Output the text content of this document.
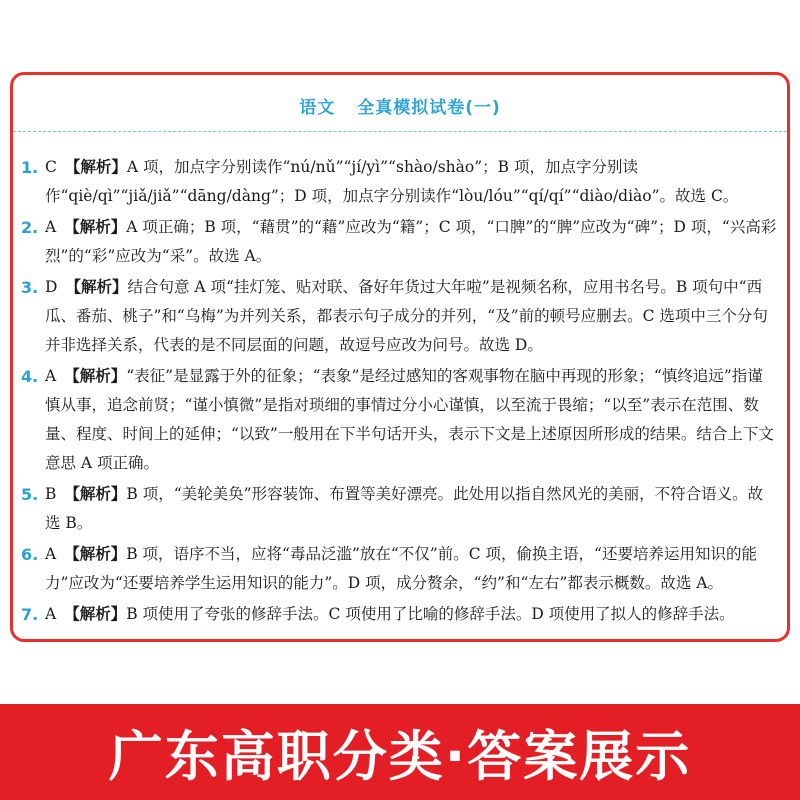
语文 全真模拟试卷(一)
1. C 【解析】A 项，加点字分别读作“nú/nǔ”“jí/yì”“shào/shào”；B 项，加点字分别读作“qiè/qì”“jiǎ/jiǎ”“dāng/dàng”；D 项，加点字分别读作“lòu/lóu”“qí/qí”“diào/diào”。故选 C。
2. A 【解析】A 项正确；B 项，“藉贯”的“藉”应改为“籍”；C 项，“口脾”的“脾”应改为“碑”；D 项，“兴高彩烈”的“彩”应改为“采”。故选 A。
3. D 【解析】结合句意 A 项“挂灯笼、贴对联、备好年货过大年啦”是视频名称，应用书名号。B 项句中“西瓜、番茄、桃子”和“乌梅”为并列关系，都表示句子成分的并列，“及”前的顿号应删去。C 选项中三个分句并非选择关系，代表的是不同层面的问题，故逗号应改为问号。故选 D。
4. A 【解析】“表征”是显露于外的征象；“表象”是经过感知的客观事物在脑中再现的形象；“慎终追远”指谨慎从事，追念前贤；“谨小慎微”是指对琐细的事情过分小心谨慎，以至流于畏缩；“以至”表示在范围、数量、程度、时间上的延伸；“以致”一般用在下半句话开头，表示下文是上述原因所形成的结果。结合上下文意思 A 项正确。
5. B 【解析】B 项，“美轮美奂”形容装饰、布置等美好漂亮。此处用以指自然风光的美丽，不符合语义。故选 B。
6. A 【解析】B 项，语序不当，应将“毒品泛滥”放在“不仅”前。C 项，偷换主语，“还要培养运用知识的能力”应改为“还要培养学生运用知识的能力”。D 项，成分赘余，“约”和“左右”都表示概数。故选 A。
7. A 【解析】B 项使用了夸张的修辞手法。C 项使用了比喻的修辞手法。D 项使用了拟人的修辞手法。
广东高职分类·答案展示
